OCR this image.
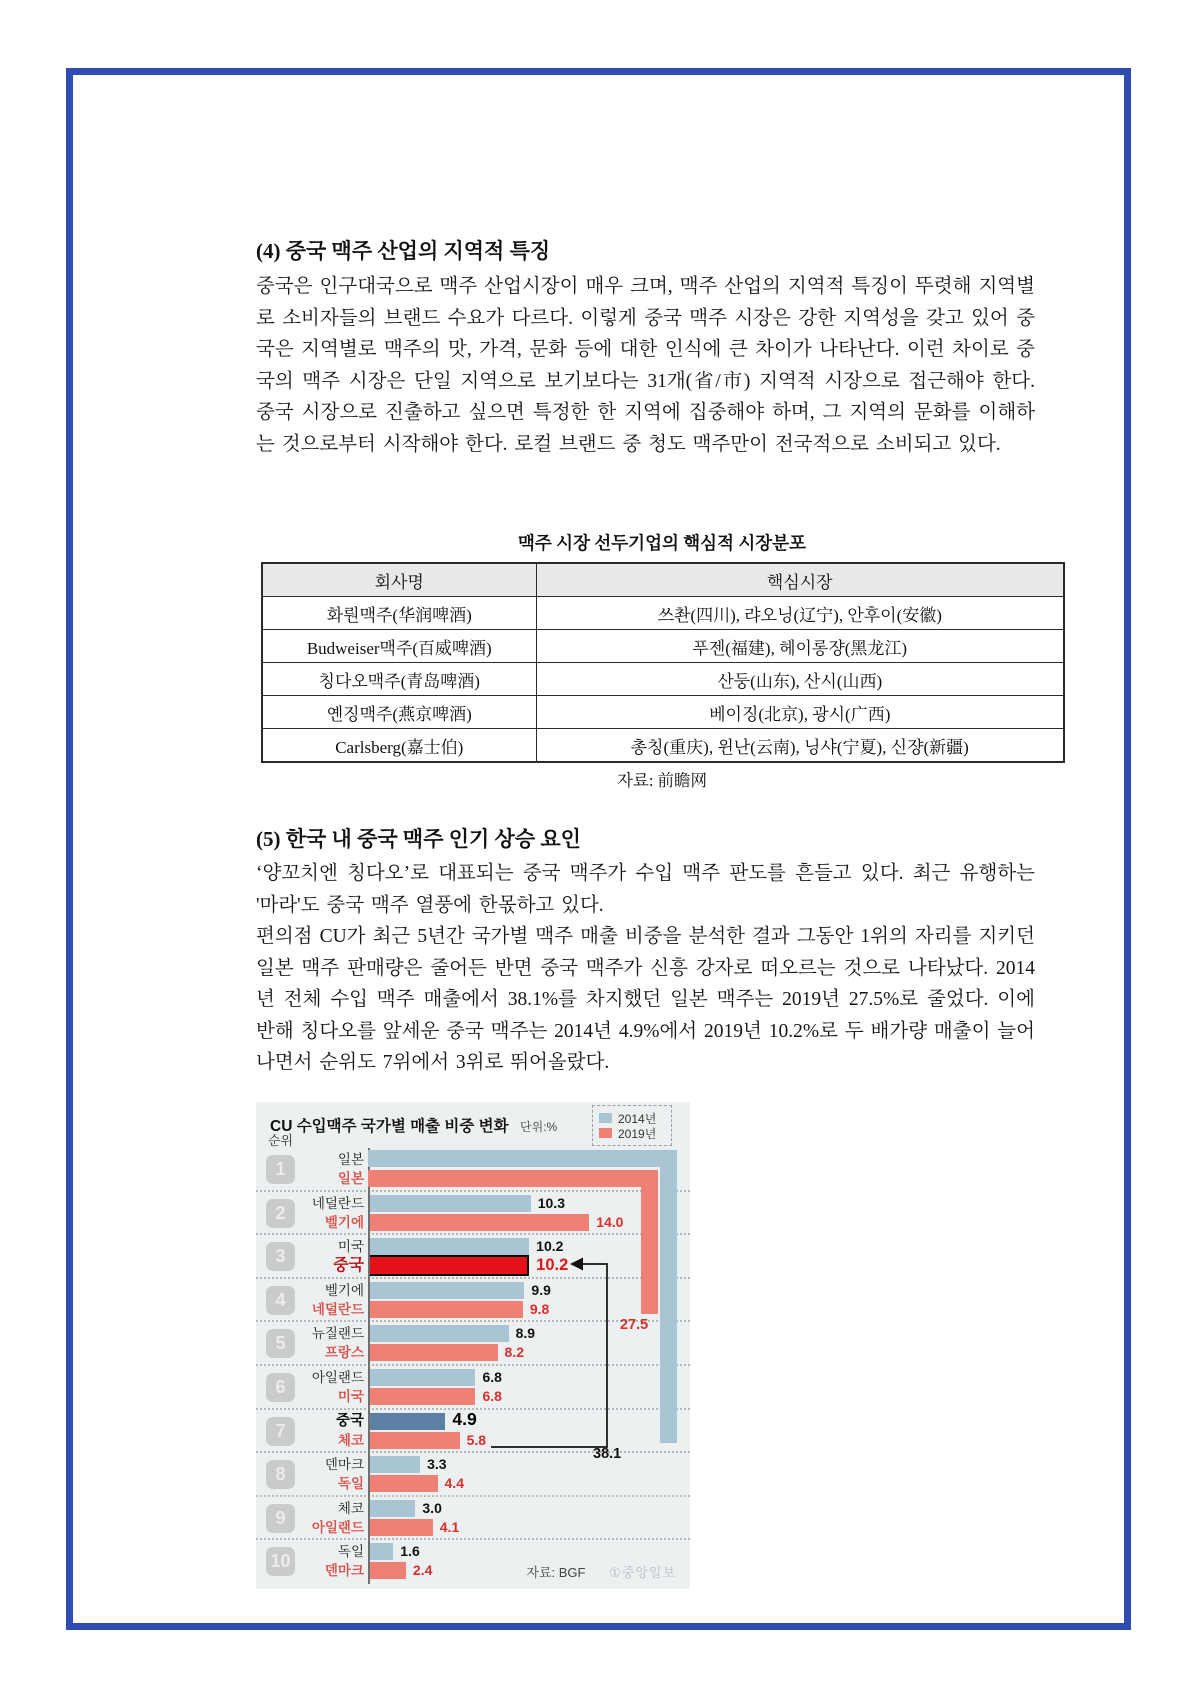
(4) 중국 맥주 산업의 지역적 특징
중국은 인구대국으로 맥주 산업시장이 매우 크며, 맥주 산업의 지역적 특징이 뚜렷해 지역별로 소비자들의 브랜드 수요가 다르다. 이렇게 중국 맥주 시장은 강한 지역성을 갖고 있어 중국은 지역별로 맥주의 맛, 가격, 문화 등에 대한 인식에 큰 차이가 나타난다. 이런 차이로 중국의 맥주 시장은 단일 지역으로 보기보다는 31개(省/市) 지역적 시장으로 접근해야 한다. 중국 시장으로 진출하고 싶으면 특정한 한 지역에 집중해야 하며, 그 지역의 문화를 이해하는 것으로부터 시작해야 한다. 로컬 브랜드 중 청도 맥주만이 전국적으로 소비되고 있다.
맥주 시장 선두기업의 핵심적 시장분포
회사명	핵심시장
화뤈맥주(华润啤酒)	쓰촨(四川), 랴오닝(辽宁), 안후이(安徽)
Budweiser맥주(百威啤酒)	푸젠(福建), 헤이롱쟝(黑龙江)
칭다오맥주(青岛啤酒)	산둥(山东), 산시(山西)
옌징맥주(燕京啤酒)	베이징(北京), 광시(广西)
Carlsberg(嘉士伯)	총칭(重庆), 윈난(云南), 닝샤(宁夏), 신쟝(新疆)
자료: 前瞻网
(5) 한국 내 중국 맥주 인기 상승 요인
‘양꼬치엔 칭다오’로 대표되는 중국 맥주가 수입 맥주 판도를 흔들고 있다. 최근 유행하는 '마라'도 중국 맥주 열풍에 한몫하고 있다.
편의점 CU가 최근 5년간 국가별 맥주 매출 비중을 분석한 결과 그동안 1위의 자리를 지키던 일본 맥주 판매량은 줄어든 반면 중국 맥주가 신흥 강자로 떠오르는 것으로 나타났다. 2014년 전체 수입 맥주 매출에서 38.1%를 차지했던 일본 맥주는 2019년 27.5%로 줄었다. 이에 반해 칭다오를 앞세운 중국 맥주는 2014년 4.9%에서 2019년 10.2%로 두 배가량 매출이 늘어나면서 순위도 7위에서 3위로 뛰어올랐다.
CU 수입맥주 국가별 매출 비중 변화 단위:%
2014년
2019년
순위
1	일본
일본
2	네덜란드	10.3
벨기에	14.0
3	미국	10.2
중국	10.2
4	벨기에	9.9
네덜란드	9.8
5	뉴질랜드	8.9
프랑스	8.2
6	아일랜드	6.8
미국	6.8
7	중국	4.9
체코	5.8
8	덴마크	3.3
독일	4.4
9	체코	3.0
아일랜드	4.1
10	독일	1.6
덴마크	2.4
27.5
38.1
자료: BGF ①중앙일보
